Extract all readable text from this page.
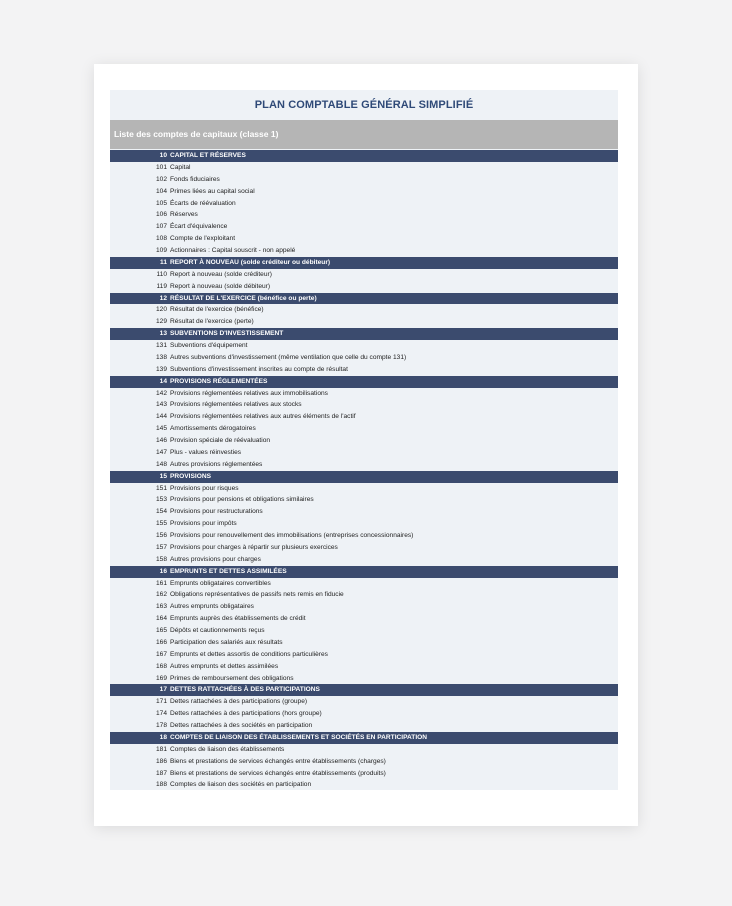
PLAN COMPTABLE GÉNÉRAL SIMPLIFIÉ
Liste des comptes de capitaux (classe 1)
10 CAPITAL ET RÉSERVES
101 Capital
102 Fonds fiduciaires
104 Primes liées au capital social
105 Écarts de réévaluation
106 Réserves
107 Écart d'équivalence
108 Compte de l'exploitant
109 Actionnaires : Capital souscrit - non appelé
11 REPORT À NOUVEAU (solde créditeur ou débiteur)
110 Report à nouveau (solde créditeur)
119 Report à nouveau (solde débiteur)
12 RÉSULTAT DE L'EXERCICE (bénéfice ou perte)
120 Résultat de l'exercice (bénéfice)
129 Résultat de l'exercice (perte)
13 SUBVENTIONS D'INVESTISSEMENT
131 Subventions d'équipement
138 Autres subventions d'investissement (même ventilation que celle du compte 131)
139 Subventions d'investissement inscrites au compte de résultat
14 PROVISIONS RÉGLEMENTÉES
142 Provisions réglementées relatives aux immobilisations
143 Provisions réglementées relatives aux stocks
144 Provisions réglementées relatives aux autres éléments de l'actif
145 Amortissements dérogatoires
146 Provision spéciale de réévaluation
147 Plus - values réinvesties
148 Autres provisions réglementées
15 PROVISIONS
151 Provisions pour risques
153 Provisions pour pensions et obligations similaires
154 Provisions pour restructurations
155 Provisions pour impôts
156 Provisions pour renouvellement des immobilisations (entreprises concessionnaires)
157 Provisions pour charges à répartir sur plusieurs exercices
158 Autres provisions pour charges
16 EMPRUNTS ET DETTES ASSIMILÉES
161 Emprunts obligataires convertibles
162 Obligations représentatives de passifs nets remis en fiducie
163 Autres emprunts obligataires
164 Emprunts auprès des établissements de crédit
165 Dépôts et cautionnements reçus
166 Participation des salariés aux résultats
167 Emprunts et dettes assortis de conditions particulières
168 Autres emprunts et dettes assimilées
169 Primes de remboursement des obligations
17 DETTES RATTACHÉES À DES PARTICIPATIONS
171 Dettes rattachées à des participations (groupe)
174 Dettes rattachées à des participations (hors groupe)
178 Dettes rattachées à des sociétés en participation
18 COMPTES DE LIAISON DES ÉTABLISSEMENTS ET SOCIÉTÉS EN PARTICIPATION
181 Comptes de liaison des établissements
186 Biens et prestations de services échangés entre établissements (charges)
187 Biens et prestations de services échangés entre établissements (produits)
188 Comptes de liaison des sociétés en participation
